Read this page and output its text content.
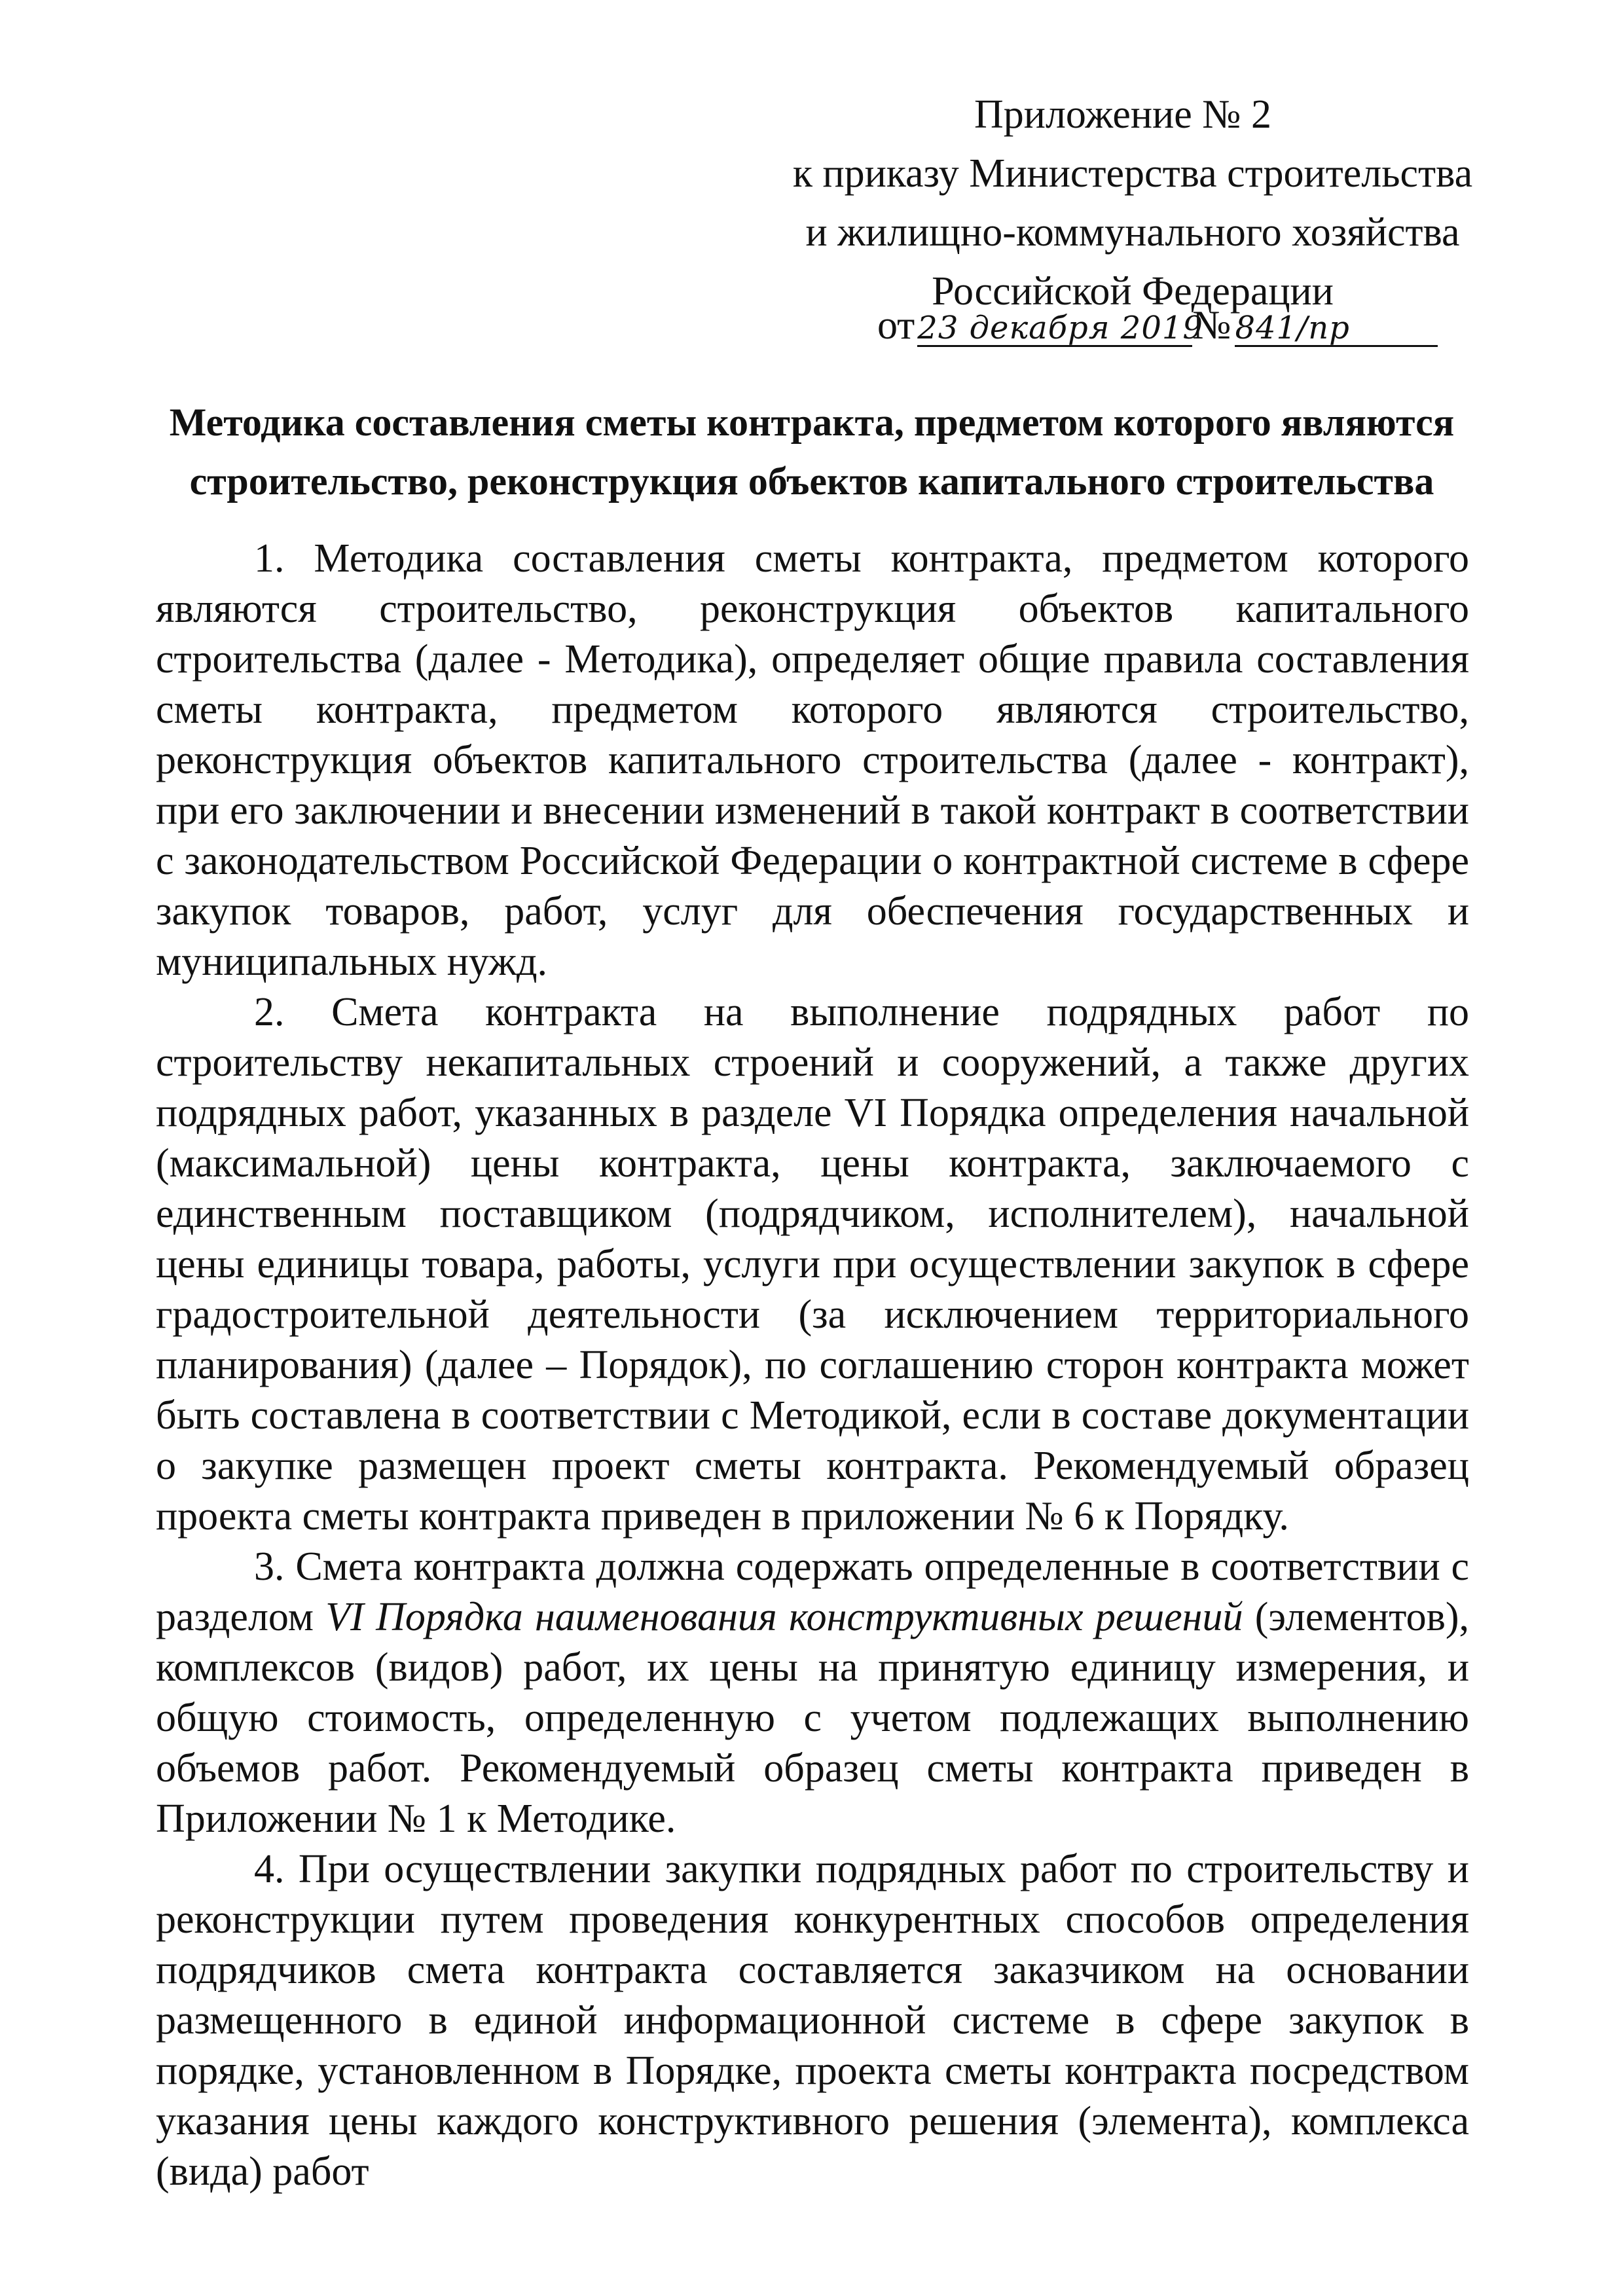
Приложение № 2
к приказу Министерства строительства
и жилищно-коммунального хозяйства
Российской Федерации
от23 декабря 2019
№ 841/пр
Методика составления сметы контракта, предметом которого являются
строительство, реконструкция объектов капитального строительства

1. Методика составления сметы контракта, предметом которого являются строительство, реконструкция объектов капитального строительства (далее - Методика), определяет общие правила составления сметы контракта, предметом которого являются строительство, реконструкция объектов капитального строительства (далее - контракт), при его заключении и внесении изменений в такой контракт в соответствии с законодательством Российской Федерации о контрактной системе в сфере закупок товаров, работ, услуг для обеспечения государственных и муниципальных нужд.

2. Смета контракта на выполнение подрядных работ по строительству некапитальных строений и сооружений, а также других подрядных работ, указанных в разделе VI Порядка определения начальной (максимальной) цены контракта, цены контракта, заключаемого с единственным поставщиком (подрядчиком, исполнителем), начальной цены единицы товара, работы, услуги при осуществлении закупок в сфере градостроительной деятельности (за исключением территориального планирования) (далее – Порядок), по соглашению сторон контракта может быть составлена в соответствии с Методикой, если в составе документации о закупке размещен проект сметы контракта. Рекомендуемый образец проекта сметы контракта приведен в приложении № 6 к Порядку.

3. Смета контракта должна содержать определенные в соответствии с разделом VI Порядка наименования конструктивных решений (элементов), комплексов (видов) работ, их цены на принятую единицу измерения, и общую стоимость, определенную с учетом подлежащих выполнению объемов работ. Рекомендуемый образец сметы контракта приведен в Приложении № 1 к Методике.

4. При осуществлении закупки подрядных работ по строительству и реконструкции путем проведения конкурентных способов определения подрядчиков смета контракта составляется заказчиком на основании размещенного в единой информационной системе в сфере закупок в порядке, установленном в Порядке, проекта сметы контракта посредством указания цены каждого конструктивного решения (элемента), комплекса (вида) работ
